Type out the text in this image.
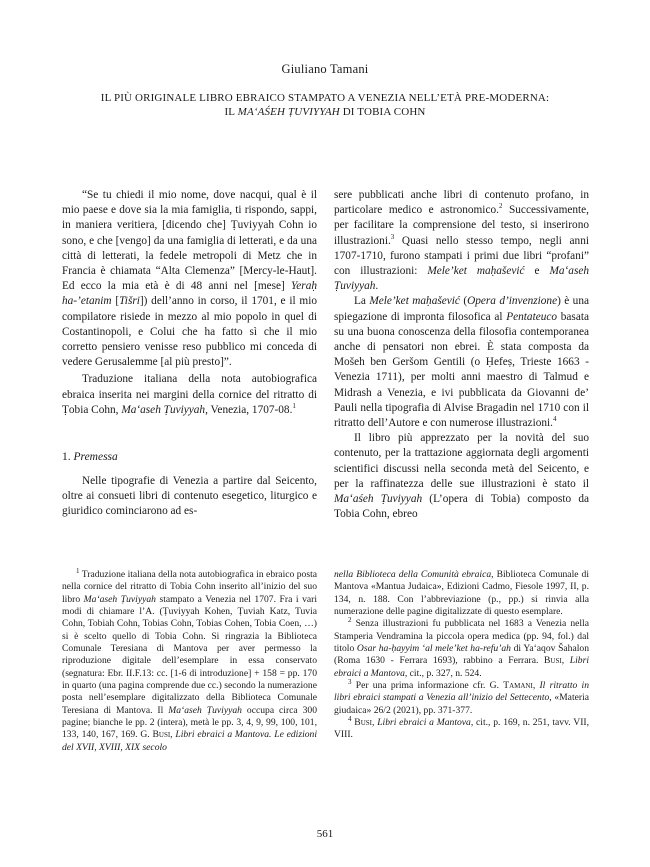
Giuliano Tamani
IL PIÙ ORIGINALE LIBRO EBRAICO STAMPATO A VENEZIA NELL’ETÀ PRE-MODERNA:
IL MA‘AŚEH ṬUVIYYAH DI TOBIA COHN

“Se tu chiedi il mio nome, dove nacqui, qual è il mio paese e dove sia la mia famiglia, ti rispondo, sappi, in maniera veritiera, [dicendo che] Ṭuviyyah Cohn io sono, e che [vengo] da una famiglia di letterati, e da una città di letterati, la fedele metropoli di Metz che in Francia è chiamata “Alta Clemenza” [Mercy-le-Haut]. Ed ecco la mia età è di 48 anni nel [mese] Yeraḥ ha-’etanim [Tišri]) dell’anno in corso, il 1701, e il mio compilatore risiede in mezzo al mio popolo in quel di Costantinopoli, e Colui che ha fatto sì che il mio corretto pensiero venisse reso pubblico mi conceda di vedere Gerusalemme [al più presto]”.

Traduzione italiana della nota autobiografica ebraica inserita nei margini della cornice del ritratto di Ṭobia Cohn, Ma‘aseh Ṭuviyyah, Venezia, 1707-08.$^1$

1. Premessa

Nelle tipografie di Venezia a partire dal Seicento, oltre ai consueti libri di contenuto esegetico, liturgico e giuridico cominciarono ad es-

sere pubblicati anche libri di contenuto profano, in particolare medico e astronomico.$^2$ Successivamente, per facilitare la comprensione del testo, si inserirono illustrazioni.$^3$ Quasi nello stesso tempo, negli anni 1707-1710, furono stampati i primi due libri “profani” con illustrazioni: Mele’ket maḥašević e Ma‘aseh Ṭuviyyah.

La Mele’ket maḥašević (Opera d’invenzione) è una spiegazione di impronta filosofica al Pentateuco basata su una buona conoscenza della filosofia contemporanea anche di pensatori non ebrei. È stata composta da Mošeh ben Geršom Gentili (o Ḥefeṣ, Trieste 1663 - Venezia 1711), per molti anni maestro di Talmud e Midrash a Venezia, e ivi pubblicata da Giovanni de’ Pauli nella tipografia di Alvise Bragadin nel 1710 con il ritratto dell’Autore e con numerose illustrazioni.$^4$

Il libro più apprezzato per la novità del suo contenuto, per la trattazione aggiornata degli argomenti scientifici discussi nella seconda metà del Seicento, e per la raffinatezza delle sue illustrazioni è stato il Ma‘aśeh Ṭuviyyah (L’opera di Tobia) composto da Tobia Cohn, ebreo

$^1$ Traduzione italiana della nota autobiografica in ebraico posta nella cornice del ritratto di Tobia Cohn inserito all’inizio del suo libro Ma‘aseh Ṭuviyyah stampato a Venezia nel 1707. Fra i vari modi di chiamare l’A. (Ṭuviyyah Kohen, Ṭuviah Katz, Tuvia Cohn, Tobiah Cohn, Tobias Cohn, Tobias Cohen, Tobia Coen, …) si è scelto quello di Tobia Cohn. Si ringrazia la Biblioteca Comunale Teresiana di Mantova per aver permesso la riproduzione digitale dell’esemplare in essa conservato (segnatura: Ebr. II.F.13: cc. [1-6 di introduzione] + 158 = pp. 170 in quarto (una pagina comprende due cc.) secondo la numerazione posta nell’esemplare digitalizzato della Biblioteca Comunale Teresiana di Mantova. Il Ma‘aseh Ṭuviyyah occupa circa 300 pagine; bianche le pp. 2 (intera), metà le pp. 3, 4, 9, 99, 100, 101, 133, 140, 167, 169. G. Busi, Libri ebraici a Mantova. Le edizioni del XVII, XVIII, XIX secolo

nella Biblioteca della Comunità ebraica, Biblioteca Comunale di Mantova «Mantua Judaica», Edizioni Cadmo, Fiesole 1997, II, p. 134, n. 188. Con l’abbreviazione (p., pp.) si rinvia alla numerazione delle pagine digitalizzate di questo esemplare.

$^2$ Senza illustrazioni fu pubblicata nel 1683 a Venezia nella Stamperia Vendramina la piccola opera medica (pp. 94, fol.) dal titolo Osar ha-ḥayyim ‘al mele’ket ha-refu’ah di Ya‘aqov Šahalon (Roma 1630 - Ferrara 1693), rabbino a Ferrara. Busi, Libri ebraici a Mantova, cit., p. 327, n. 524.

$^3$ Per una prima informazione cfr. G. Tamani, Il ritratto in libri ebraici stampati a Venezia all’inizio del Settecento, «Materia giudaica» 26/2 (2021), pp. 371-377.

$^4$ Busi, Libri ebraici a Mantova, cit., p. 169, n. 251, tavv. VII, VIII.

561
